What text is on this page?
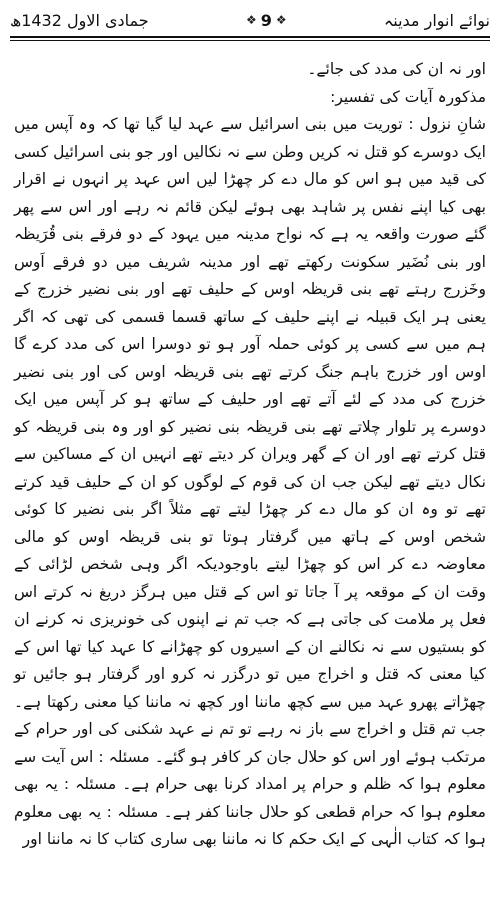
نوائے انوار مدینہ
❖ 9 ❖
جمادی الاول 1432ھ

اور نہ ان کی مدد کی جائے۔

مذکورہ آیات کی تفسیر:

شانِ نزول : توریت میں بنی اسرائیل سے عہد لیا گیا تھا کہ وہ آپس میں ایک دوسرے کو قتل نہ کریں وطن سے نہ نکالیں اور جو بنی اسرائیل کسی کی قید میں ہو اس کو مال دے کر چھڑا لیں اس عہد پر انہوں نے اقرار بھی کیا اپنے نفس پر شاہد بھی ہوئے لیکن قائم نہ رہے اور اس سے پھر گئے صورت واقعہ یہ ہے کہ نواح مدینہ میں یہود کے دو فرقے بنی قُرَیظہ اور بنی نُضَیر سکونت رکھتے تھے اور مدینہ شریف میں دو فرقے اَوس وخَزرج رہتے تھے بنی قریظہ اوس کے حلیف تھے اور بنی نضیر خزرج کے یعنی ہر ایک قبیلہ نے اپنے حلیف کے ساتھ قسما قسمی کی تھی کہ اگر ہم میں سے کسی پر کوئی حملہ آور ہو تو دوسرا اس کی مدد کرے گا اوس اور خزرج باہم جنگ کرتے تھے بنی قریظہ اوس کی اور بنی نضیر خزرج کی مدد کے لئے آتے تھے اور حلیف کے ساتھ ہو کر آپس میں ایک دوسرے پر تلوار چلاتے تھے بنی قریظہ بنی نضیر کو اور وہ بنی قریظہ کو قتل کرتے تھے اور ان کے گھر ویران کر دیتے تھے انہیں ان کے مساکین سے نکال دیتے تھے لیکن جب ان کی قوم کے لوگوں کو ان کے حلیف قید کرتے تھے تو وہ ان کو مال دے کر چھڑا لیتے تھے مثلاً اگر بنی نضیر کا کوئی شخص اوس کے ہاتھ میں گرفتار ہوتا تو بنی قریظہ اوس کو مالی معاوضہ دے کر اس کو چھڑا لیتے باوجودیکہ اگر وہی شخص لڑائی کے وقت ان کے موقعہ پر آ جاتا تو اس کے قتل میں ہرگز دریغ نہ کرتے اس فعل پر ملامت کی جاتی ہے کہ جب تم نے اپنوں کی خونریزی نہ کرنے ان کو بستیوں سے نہ نکالنے ان کے اسیروں کو چھڑانے کا عہد کیا تھا اس کے کیا معنی کہ قتل و اخراج میں تو درگزر نہ کرو اور گرفتار ہو جائیں تو چھڑاتے پھرو عہد میں سے کچھ ماننا اور کچھ نہ ماننا کیا معنی رکھتا ہے۔ جب تم قتل و اخراج سے باز نہ رہے تو تم نے عہد شکنی کی اور حرام کے مرتکب ہوئے اور اس کو حلال جان کر کافر ہو گئے۔ مسئلہ : اس آیت سے معلوم ہوا کہ ظلم و حرام پر امداد کرنا بھی حرام ہے۔ مسئلہ : یہ بھی معلوم ہوا کہ حرام قطعی کو حلال جاننا کفر ہے۔ مسئلہ : یہ بھی معلوم ہوا کہ کتاب الٰہی کے ایک حکم کا نہ ماننا بھی ساری کتاب کا نہ ماننا اور
